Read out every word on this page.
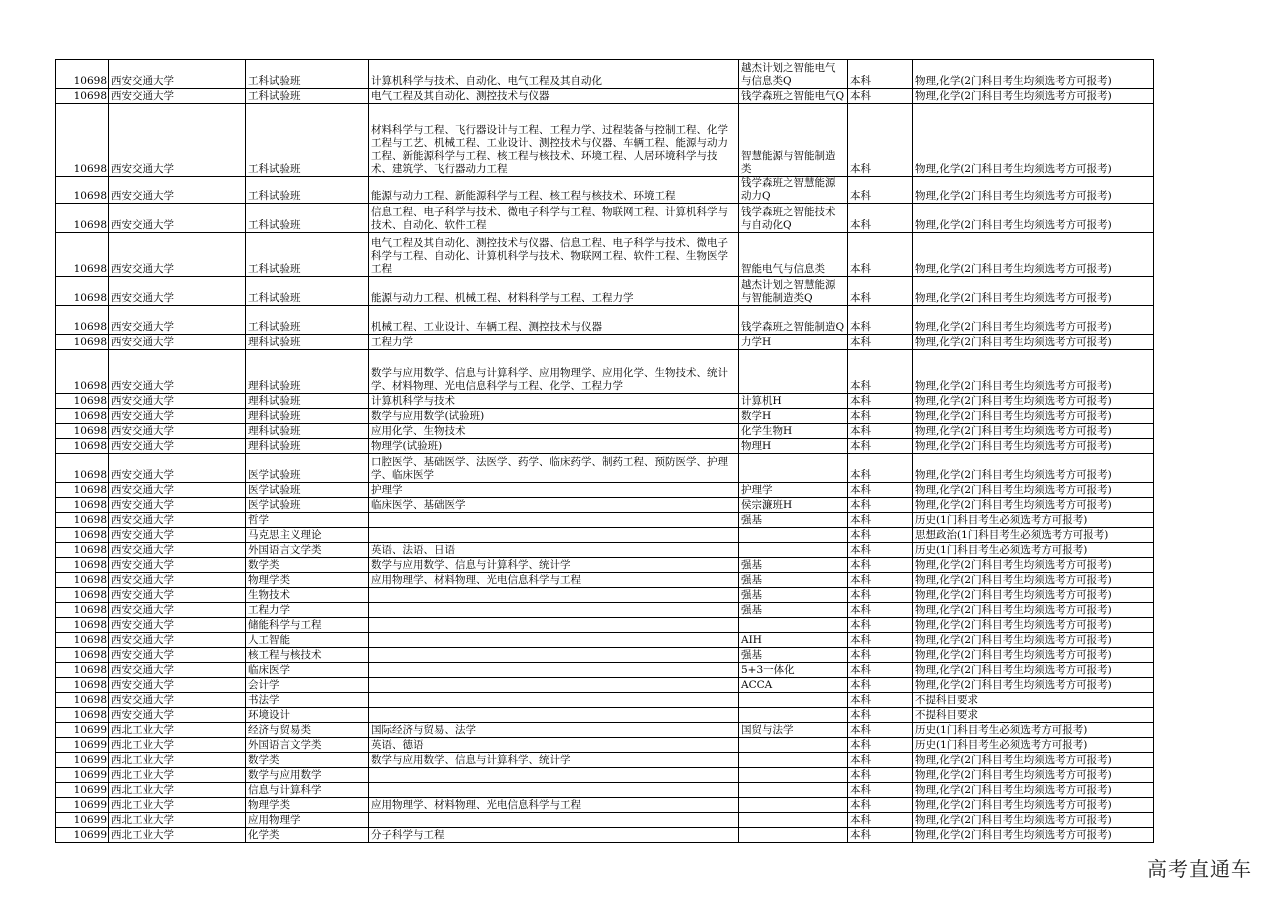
10698	西安交通大学	工科试验班	计算机科学与技术、自动化、电气工程及其自动化	越杰计划之智能电气与信息类Q	本科	物理,化学(2门科目考生均须选考方可报考)
10698	西安交通大学	工科试验班	电气工程及其自动化、测控技术与仪器	钱学森班之智能电气Q	本科	物理,化学(2门科目考生均须选考方可报考)
10698	西安交通大学	工科试验班	材料科学与工程、飞行器设计与工程、工程力学、过程装备与控制工程、化学工程与工艺、机械工程、工业设计、测控技术与仪器、车辆工程、能源与动力工程、新能源科学与工程、核工程与核技术、环境工程、人居环境科学与技术、建筑学、飞行器动力工程	智慧能源与智能制造类	本科	物理,化学(2门科目考生均须选考方可报考)
10698	西安交通大学	工科试验班	能源与动力工程、新能源科学与工程、核工程与核技术、环境工程	钱学森班之智慧能源动力Q	本科	物理,化学(2门科目考生均须选考方可报考)
10698	西安交通大学	工科试验班	信息工程、电子科学与技术、微电子科学与工程、物联网工程、计算机科学与技术、自动化、软件工程	钱学森班之智能技术与自动化Q	本科	物理,化学(2门科目考生均须选考方可报考)
10698	西安交通大学	工科试验班	电气工程及其自动化、测控技术与仪器、信息工程、电子科学与技术、微电子科学与工程、自动化、计算机科学与技术、物联网工程、软件工程、生物医学工程	智能电气与信息类	本科	物理,化学(2门科目考生均须选考方可报考)
10698	西安交通大学	工科试验班	能源与动力工程、机械工程、材料科学与工程、工程力学	越杰计划之智慧能源与智能制造类Q	本科	物理,化学(2门科目考生均须选考方可报考)
10698	西安交通大学	工科试验班	机械工程、工业设计、车辆工程、测控技术与仪器	钱学森班之智能制造Q	本科	物理,化学(2门科目考生均须选考方可报考)
10698	西安交通大学	理科试验班	工程力学	力学H	本科	物理,化学(2门科目考生均须选考方可报考)
10698	西安交通大学	理科试验班	数学与应用数学、信息与计算科学、应用物理学、应用化学、生物技术、统计学、材料物理、光电信息科学与工程、化学、工程力学		本科	物理,化学(2门科目考生均须选考方可报考)
10698	西安交通大学	理科试验班	计算机科学与技术	计算机H	本科	物理,化学(2门科目考生均须选考方可报考)
10698	西安交通大学	理科试验班	数学与应用数学(试验班)	数学H	本科	物理,化学(2门科目考生均须选考方可报考)
10698	西安交通大学	理科试验班	应用化学、生物技术	化学生物H	本科	物理,化学(2门科目考生均须选考方可报考)
10698	西安交通大学	理科试验班	物理学(试验班)	物理H	本科	物理,化学(2门科目考生均须选考方可报考)
10698	西安交通大学	医学试验班	口腔医学、基础医学、法医学、药学、临床药学、制药工程、预防医学、护理学、临床医学		本科	物理,化学(2门科目考生均须选考方可报考)
10698	西安交通大学	医学试验班	护理学	护理学	本科	物理,化学(2门科目考生均须选考方可报考)
10698	西安交通大学	医学试验班	临床医学、基础医学	侯宗濂班H	本科	物理,化学(2门科目考生均须选考方可报考)
10698	西安交通大学	哲学		强基	本科	历史(1门科目考生必须选考方可报考)
10698	西安交通大学	马克思主义理论			本科	思想政治(1门科目考生必须选考方可报考)
10698	西安交通大学	外国语言文学类	英语、法语、日语		本科	历史(1门科目考生必须选考方可报考)
10698	西安交通大学	数学类	数学与应用数学、信息与计算科学、统计学	强基	本科	物理,化学(2门科目考生均须选考方可报考)
10698	西安交通大学	物理学类	应用物理学、材料物理、光电信息科学与工程	强基	本科	物理,化学(2门科目考生均须选考方可报考)
10698	西安交通大学	生物技术		强基	本科	物理,化学(2门科目考生均须选考方可报考)
10698	西安交通大学	工程力学		强基	本科	物理,化学(2门科目考生均须选考方可报考)
10698	西安交通大学	储能科学与工程			本科	物理,化学(2门科目考生均须选考方可报考)
10698	西安交通大学	人工智能		AIH	本科	物理,化学(2门科目考生均须选考方可报考)
10698	西安交通大学	核工程与核技术		强基	本科	物理,化学(2门科目考生均须选考方可报考)
10698	西安交通大学	临床医学		5+3一体化	本科	物理,化学(2门科目考生均须选考方可报考)
10698	西安交通大学	会计学		ACCA	本科	物理,化学(2门科目考生均须选考方可报考)
10698	西安交通大学	书法学			本科	不提科目要求
10698	西安交通大学	环境设计			本科	不提科目要求
10699	西北工业大学	经济与贸易类	国际经济与贸易、法学	国贸与法学	本科	历史(1门科目考生必须选考方可报考)
10699	西北工业大学	外国语言文学类	英语、德语		本科	历史(1门科目考生必须选考方可报考)
10699	西北工业大学	数学类	数学与应用数学、信息与计算科学、统计学		本科	物理,化学(2门科目考生均须选考方可报考)
10699	西北工业大学	数学与应用数学			本科	物理,化学(2门科目考生均须选考方可报考)
10699	西北工业大学	信息与计算科学			本科	物理,化学(2门科目考生均须选考方可报考)
10699	西北工业大学	物理学类	应用物理学、材料物理、光电信息科学与工程		本科	物理,化学(2门科目考生均须选考方可报考)
10699	西北工业大学	应用物理学			本科	物理,化学(2门科目考生均须选考方可报考)
10699	西北工业大学	化学类	分子科学与工程		本科	物理,化学(2门科目考生均须选考方可报考)
高考直通车
